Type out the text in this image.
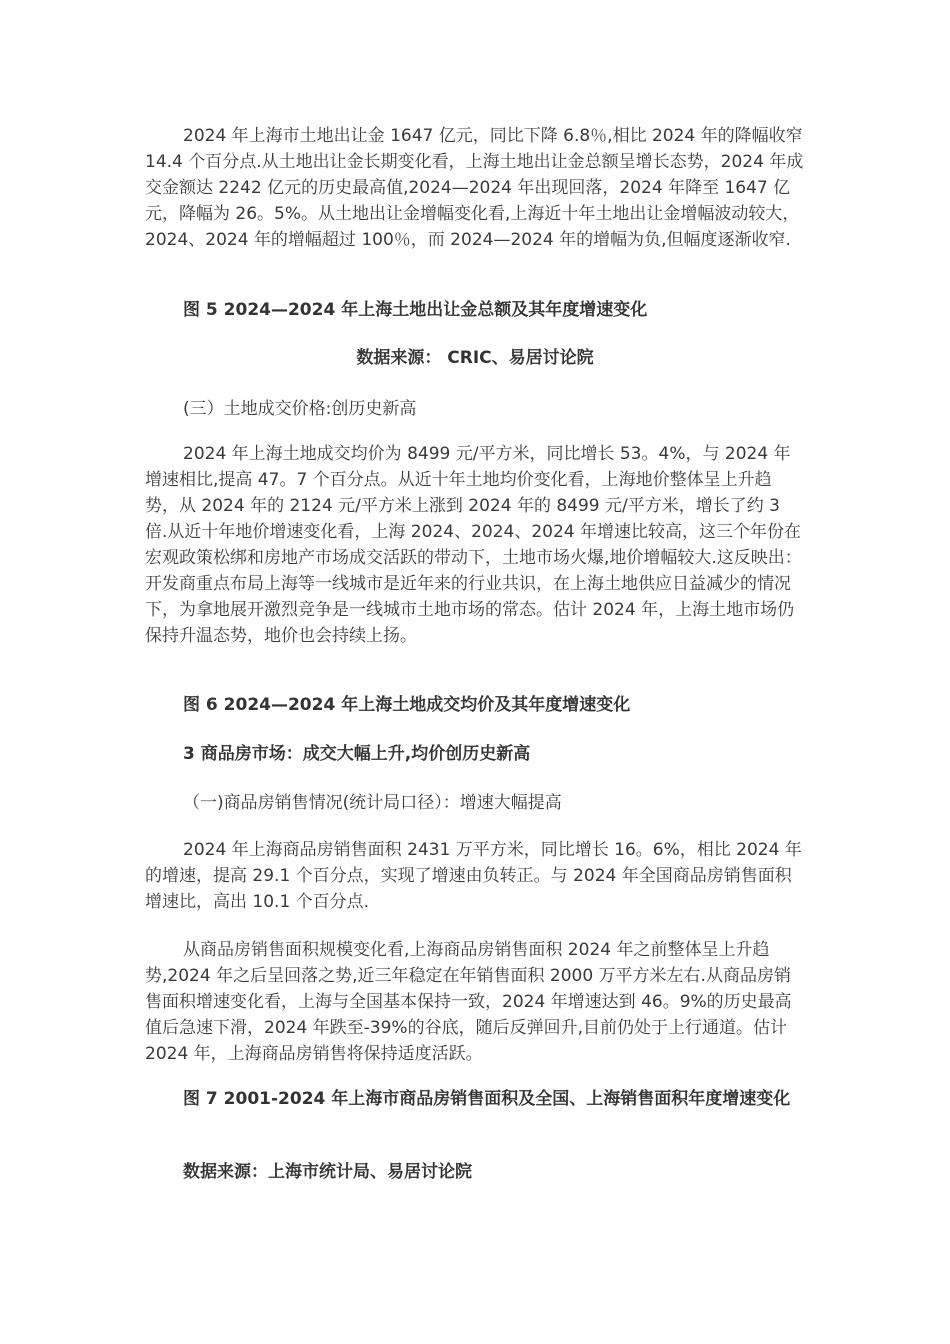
2024 年上海市土地出让金 1647 亿元，同比下降 6.8％,相比 2024 年的降幅收窄 14.4 个百分点.从土地出让金长期变化看，上海土地出让金总额呈增长态势，2024 年成交金额达 2242 亿元的历史最高值,2024—2024 年出现回落，2024 年降至 1647 亿元，降幅为 26。5%。从土地出让金增幅变化看,上海近十年土地出让金增幅波动较大，2024、2024 年的增幅超过 100％，而 2024—2024 年的增幅为负,但幅度逐渐收窄.

图 5 2024—2024 年上海土地出让金总额及其年度增速变化

数据来源： CRIC、易居讨论院

(三）土地成交价格:创历史新高

2024 年上海土地成交均价为 8499 元/平方米，同比增长 53。4%，与 2024 年增速相比,提高 47。7 个百分点。从近十年土地均价变化看，上海地价整体呈上升趋势，从 2024 年的 2124 元/平方米上涨到 2024 年的 8499 元/平方米，增长了约 3 倍.从近十年地价增速变化看，上海 2024、2024、2024 年增速比较高，这三个年份在宏观政策松绑和房地产市场成交活跃的带动下，土地市场火爆,地价增幅较大.这反映出：开发商重点布局上海等一线城市是近年来的行业共识，在上海土地供应日益减少的情况下，为拿地展开激烈竞争是一线城市土地市场的常态。估计 2024 年，上海土地市场仍保持升温态势，地价也会持续上扬。

图 6 2024—2024 年上海土地成交均价及其年度增速变化

3 商品房市场：成交大幅上升,均价创历史新高

（一)商品房销售情况(统计局口径）：增速大幅提高

2024 年上海商品房销售面积 2431 万平方米，同比增长 16。6%，相比 2024 年的增速，提高 29.1 个百分点，实现了增速由负转正。与 2024 年全国商品房销售面积增速比，高出 10.1 个百分点.

从商品房销售面积规模变化看,上海商品房销售面积 2024 年之前整体呈上升趋势,2024 年之后呈回落之势,近三年稳定在年销售面积 2000 万平方米左右.从商品房销售面积增速变化看，上海与全国基本保持一致，2024 年增速达到 46。9%的历史最高值后急速下滑，2024 年跌至-39%的谷底，随后反弹回升,目前仍处于上行通道。估计 2024 年，上海商品房销售将保持适度活跃。

图 7 2001-2024 年上海市商品房销售面积及全国、上海销售面积年度增速变化

数据来源：上海市统计局、易居讨论院
